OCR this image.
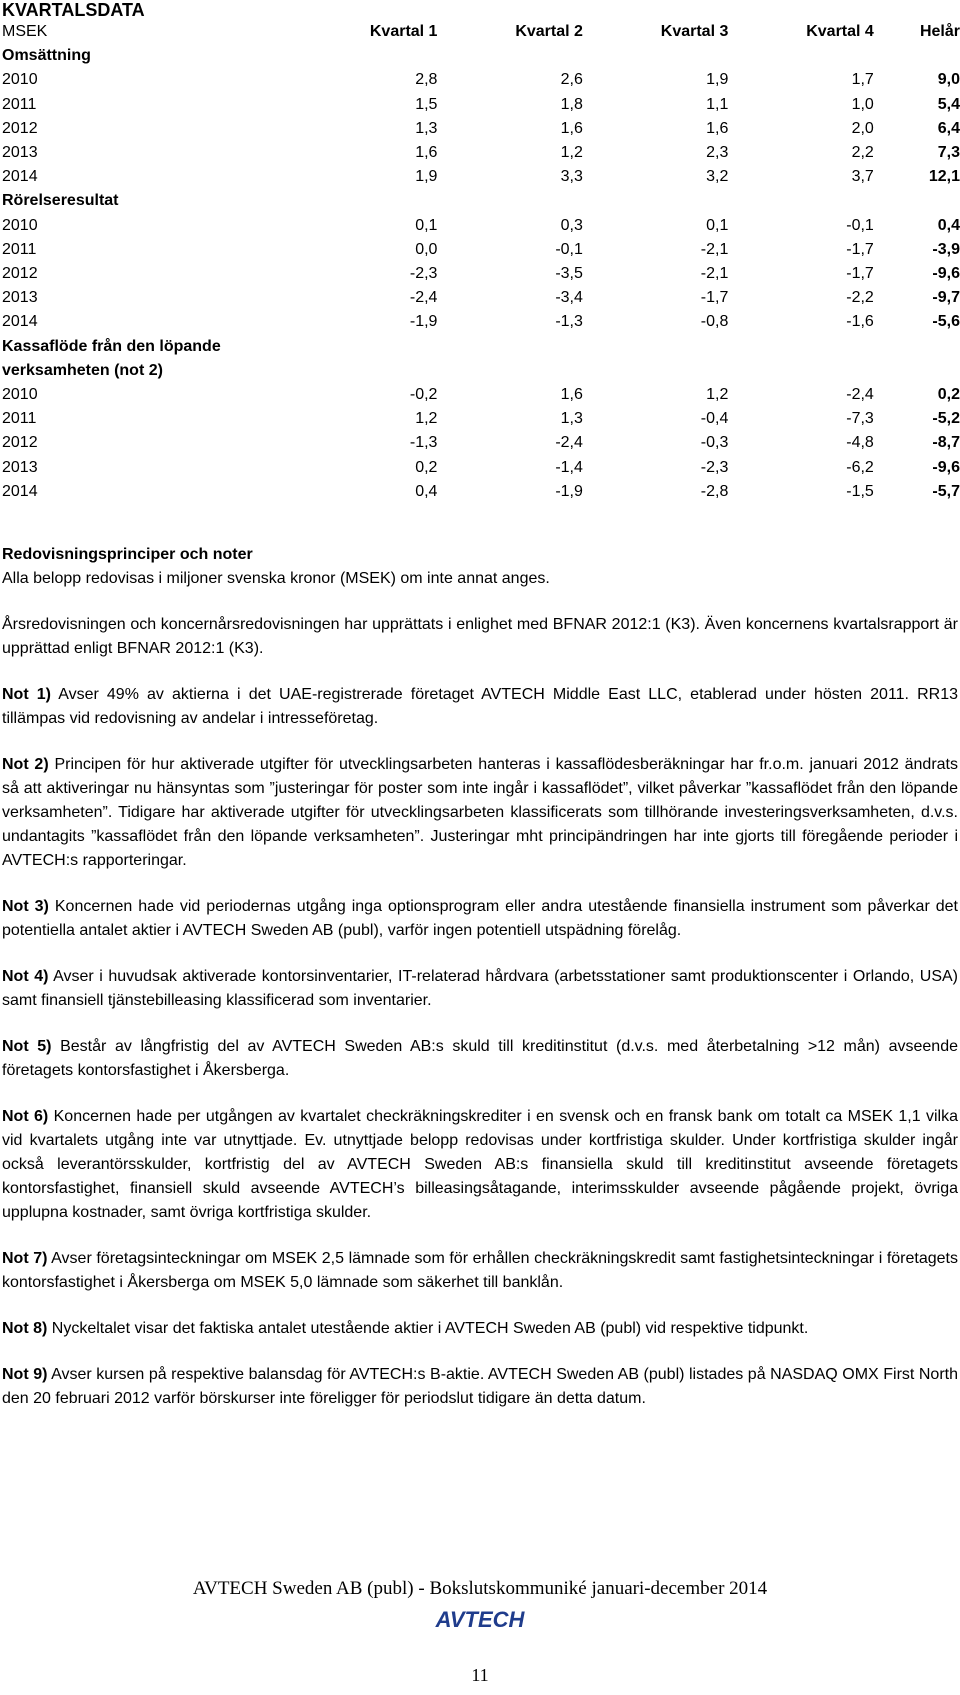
KVARTALSDATA
MSEK	Kvartal 1	Kvartal 2	Kvartal 3	Kvartal 4	Helår
Omsättning					
2010	2,8	2,6	1,9	1,7	9,0
2011	1,5	1,8	1,1	1,0	5,4
2012	1,3	1,6	1,6	2,0	6,4
2013	1,6	1,2	2,3	2,2	7,3
2014	1,9	3,3	3,2	3,7	12,1
Rörelseresultat					
2010	0,1	0,3	0,1	-0,1	0,4
2011	0,0	-0,1	-2,1	-1,7	-3,9
2012	-2,3	-3,5	-2,1	-1,7	-9,6
2013	-2,4	-3,4	-1,7	-2,2	-9,7
2014	-1,9	-1,3	-0,8	-1,6	-5,6
Kassaflöde från den löpande verksamheten (not 2)					
2010	-0,2	1,6	1,2	-2,4	0,2
2011	1,2	1,3	-0,4	-7,3	-5,2
2012	-1,3	-2,4	-0,3	-4,8	-8,7
2013	0,2	-1,4	-2,3	-6,2	-9,6
2014	0,4	-1,9	-2,8	-1,5	-5,7
Redovisningsprinciper och noter

Alla belopp redovisas i miljoner svenska kronor (MSEK) om inte annat anges.

Årsredovisningen och koncernårsredovisningen har upprättats i enlighet med BFNAR 2012:1 (K3). Även koncernens kvartalsrapport är upprättad enligt BFNAR 2012:1 (K3).

Not 1) Avser 49% av aktierna i det UAE-registrerade företaget AVTECH Middle East LLC, etablerad under hösten 2011. RR13 tillämpas vid redovisning av andelar i intresseföretag.

Not 2) Principen för hur aktiverade utgifter för utvecklingsarbeten hanteras i kassaflödesberäkningar har fr.o.m. januari 2012 ändrats så att aktiveringar nu hänsyntas som ”justeringar för poster som inte ingår i kassaflödet”, vilket påverkar ”kassaflödet från den löpande verksamheten”. Tidigare har aktiverade utgifter för utvecklingsarbeten klassificerats som tillhörande investeringsverksamheten, d.v.s. undantagits ”kassaflödet från den löpande verksamheten”. Justeringar mht principändringen har inte gjorts till föregående perioder i AVTECH:s rapporteringar.

Not 3) Koncernen hade vid periodernas utgång inga optionsprogram eller andra utestående finansiella instrument som påverkar det potentiella antalet aktier i AVTECH Sweden AB (publ), varför ingen potentiell utspädning förelåg.

Not 4) Avser i huvudsak aktiverade kontorsinventarier, IT-relaterad hårdvara (arbetsstationer samt produktionscenter i Orlando, USA) samt finansiell tjänstebilleasing klassificerad som inventarier.

Not 5) Består av långfristig del av AVTECH Sweden AB:s skuld till kreditinstitut (d.v.s. med återbetalning >12 mån) avseende företagets kontorsfastighet i Åkersberga.

Not 6) Koncernen hade per utgången av kvartalet checkräkningskrediter i en svensk och en fransk bank om totalt ca MSEK 1,1 vilka vid kvartalets utgång inte var utnyttjade. Ev. utnyttjade belopp redovisas under kortfristiga skulder. Under kortfristiga skulder ingår också leverantörsskulder, kortfristig del av AVTECH Sweden AB:s finansiella skuld till kreditinstitut avseende företagets kontorsfastighet, finansiell skuld avseende AVTECH’s billeasingsåtagande, interimsskulder avseende pågående projekt, övriga upplupna kostnader, samt övriga kortfristiga skulder.

Not 7) Avser företagsinteckningar om MSEK 2,5 lämnade som för erhållen checkräkningskredit samt fastighetsinteckningar i företagets kontorsfastighet i Åkersberga om MSEK 5,0 lämnade som säkerhet till banklån.

Not 8) Nyckeltalet visar det faktiska antalet utestående aktier i AVTECH Sweden AB (publ) vid respektive tidpunkt.

Not 9) Avser kursen på respektive balansdag för AVTECH:s B-aktie. AVTECH Sweden AB (publ) listades på NASDAQ OMX First North den 20 februari 2012 varför börskurser inte föreligger för periodslut tidigare än detta datum.

AVTECH Sweden AB (publ) - Bokslutskommuniké januari-december 2014
AVTECH
11
